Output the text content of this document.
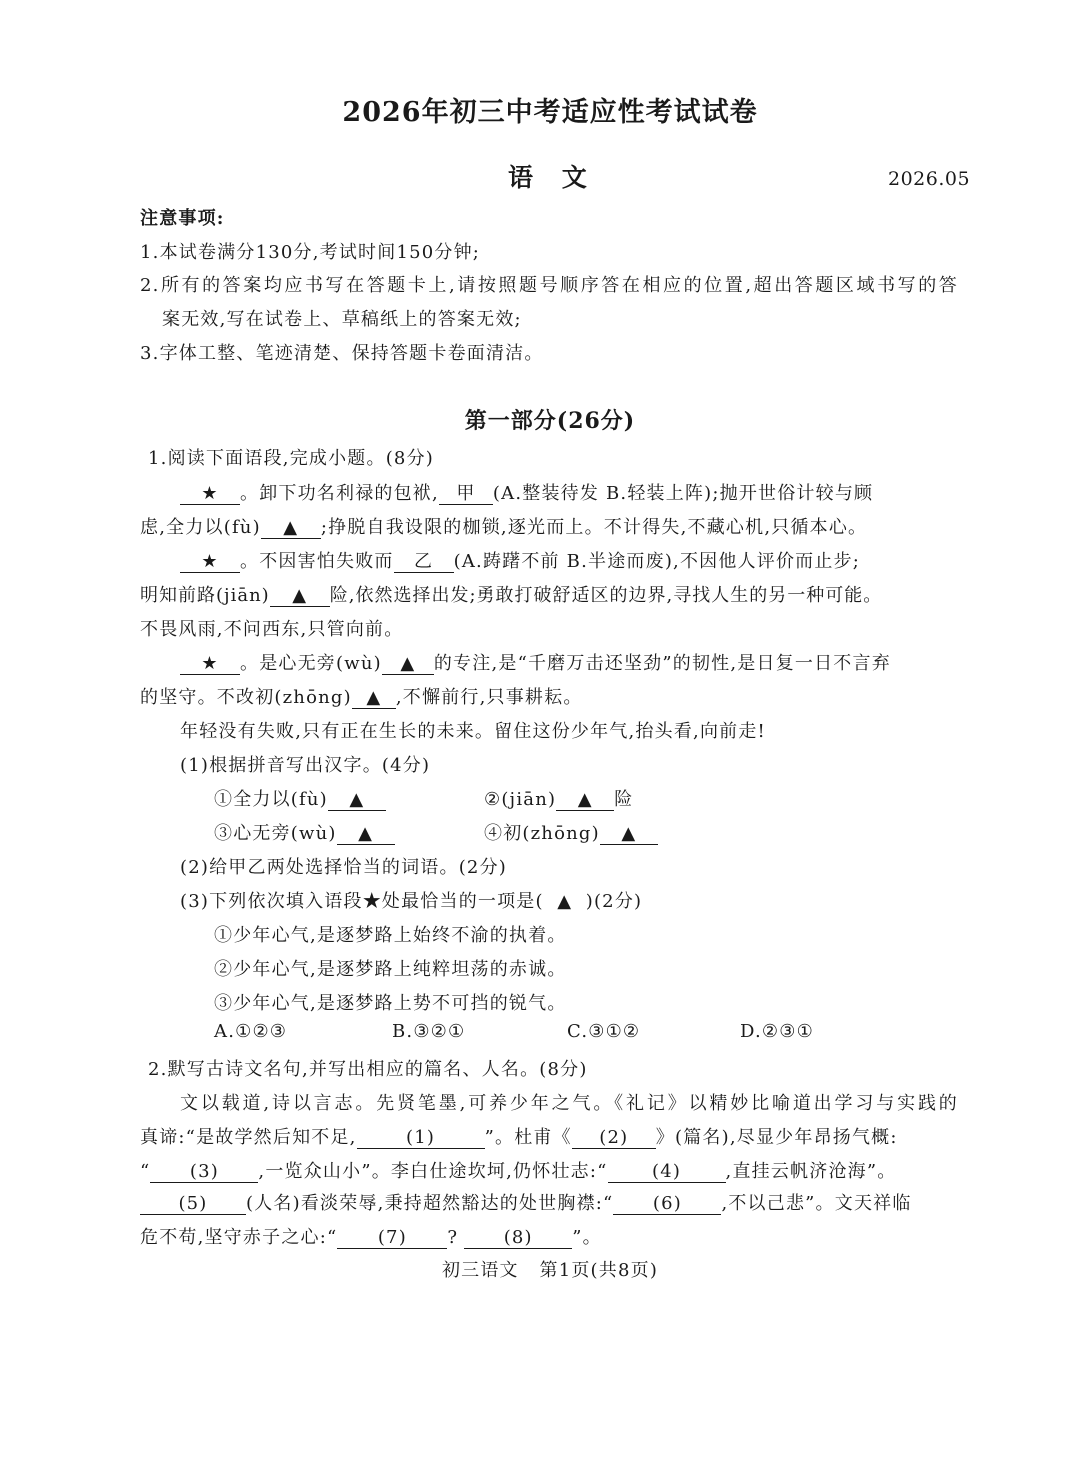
2026年初三中考适应性考试试卷
语 文	2026.05
注意事项:
1.本试卷满分130分,考试时间150分钟;
2.所有的答案均应书写在答题卡上,请按照题号顺序答在相应的位置,超出答题区域书写的答
案无效,写在试卷上、草稿纸上的答案无效;
3.字体工整、笔迹清楚、保持答题卡卷面清洁。
第一部分(26分)
1.阅读下面语段,完成小题。(8分)
★ 。卸下功名利禄的包袱, 甲 (A.整装待发 B.轻装上阵);抛开世俗计较与顾
虑,全力以(fù) ▲ ;挣脱自我设限的枷锁,逐光而上。不计得失,不藏心机,只循本心。
★ 。不因害怕失败而 乙 (A.踌躇不前 B.半途而废),不因他人评价而止步;
明知前路(jiān) ▲ 险,依然选择出发;勇敢打破舒适区的边界,寻找人生的另一种可能。
不畏风雨,不问西东,只管向前。
★ 。是心无旁(wù) ▲ 的专注,是“千磨万击还坚劲”的韧性,是日复一日不言弃
的坚守。不改初(zhōng) ▲ ,不懈前行,只事耕耘。
年轻没有失败,只有正在生长的未来。留住这份少年气,抬头看,向前走!
(1)根据拼音写出汉字。(4分)
①全力以(fù) ▲	②(jiān) ▲ 险
③心无旁(wù) ▲	④初(zhōng) ▲
(2)给甲乙两处选择恰当的词语。(2分)
(3)下列依次填入语段★处最恰当的一项是( ▲ )(2分)
①少年心气,是逐梦路上始终不渝的执着。
②少年心气,是逐梦路上纯粹坦荡的赤诚。
③少年心气,是逐梦路上势不可挡的锐气。
A.①②③	B.③②①	C.③①②	D.②③①
2.默写古诗文名句,并写出相应的篇名、人名。(8分)
文以载道,诗以言志。先贤笔墨,可养少年之气。《礼记》以精妙比喻道出学习与实践的
真谛:“是故学然后知不足,	(1)	”。杜甫《 (2) 》(篇名),尽显少年昂扬气概:
“ (3) ,一览众山小”。李白仕途坎坷,仍怀壮志:“ (4) ,直挂云帆济沧海”。
(5) (人名)看淡荣辱,秉持超然豁达的处世胸襟:“ (6) ,不以己悲”。文天祥临
危不苟,坚守赤子之心:“ (7) ?	(8) ”。
初三语文   第1页(共8页)
